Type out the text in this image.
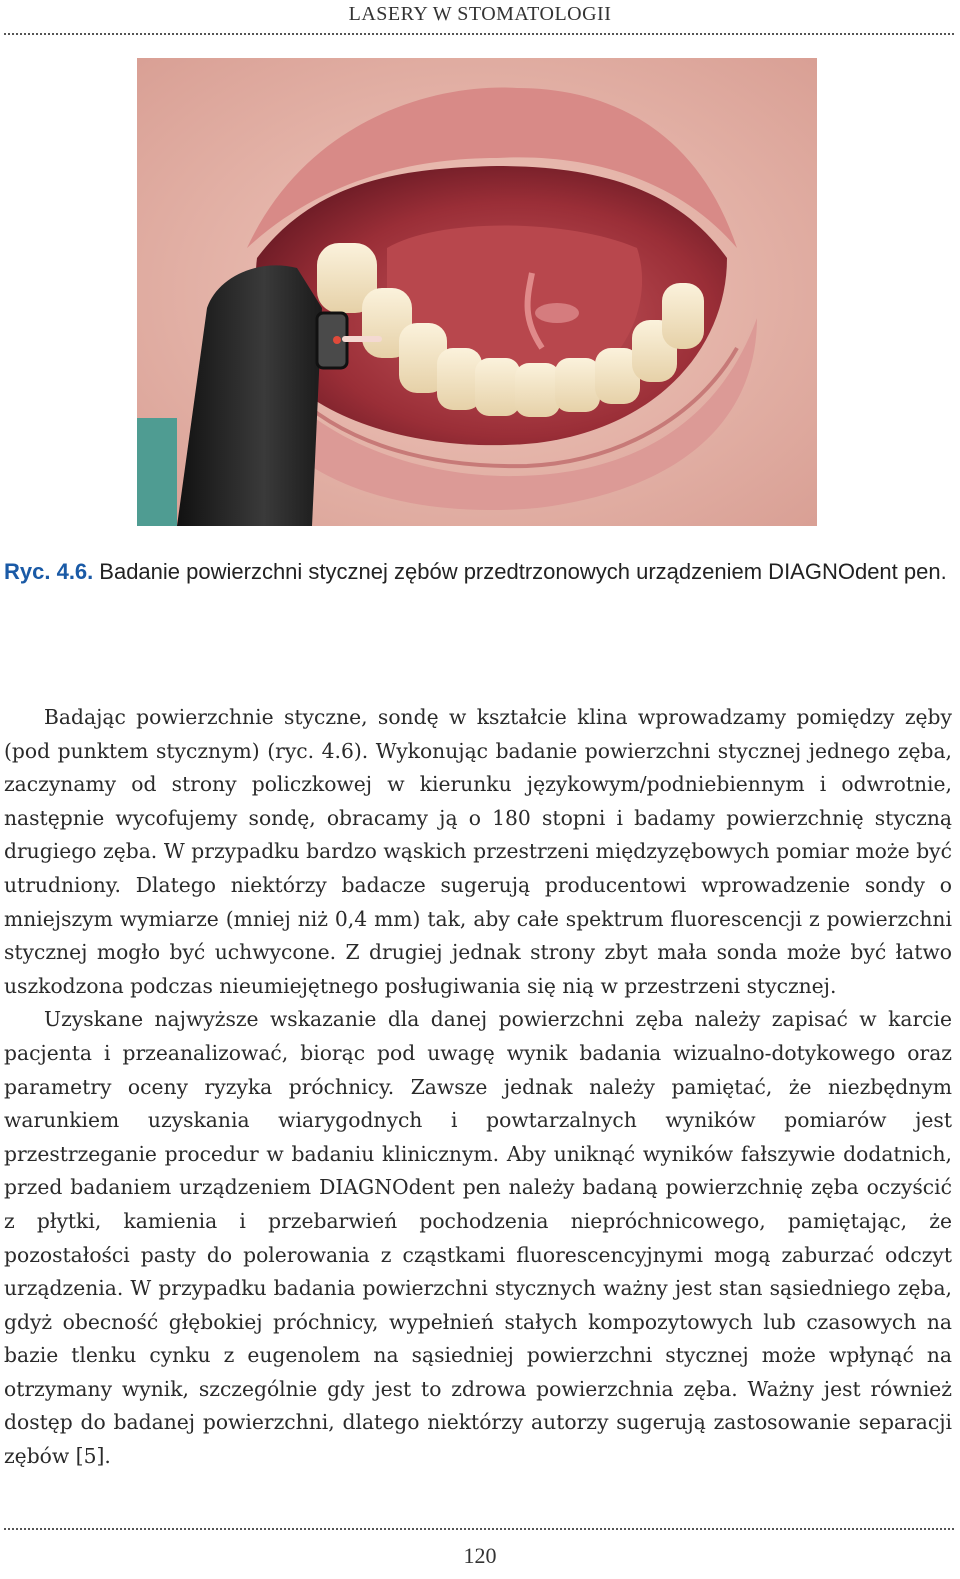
LASERY W STOMATOLOGII
Ryc. 4.6. Badanie powierzchni stycznej zębów przedtrzonowych urządzeniem DIAGNOdent pen.

Badając powierzchnie styczne, sondę w kształcie klina wprowadzamy pomiędzy zęby (pod punktem stycznym) (ryc. 4.6). Wykonując badanie powierzchni stycznej jednego zęba, zaczynamy od strony policzkowej w kierunku językowym/podniebiennym i odwrotnie, następnie wycofujemy sondę, obracamy ją o 180 stopni i badamy powierzchnię styczną drugiego zęba. W przypadku bardzo wąskich przestrzeni międzyzębowych pomiar może być utrudniony. Dlatego niektórzy badacze sugerują producentowi wprowadzenie sondy o mniejszym wymiarze (mniej niż 0,4 mm) tak, aby całe spektrum fluorescencji z powierzchni stycznej mogło być uchwycone. Z drugiej jednak strony zbyt mała sonda może być łatwo uszkodzona podczas nieumiejętnego posługiwania się nią w przestrzeni stycznej.

Uzyskane najwyższe wskazanie dla danej powierzchni zęba należy zapisać w karcie pacjenta i przeanalizować, biorąc pod uwagę wynik badania wizualno-dotykowego oraz parametry oceny ryzyka próchnicy. Zawsze jednak należy pamiętać, że niezbędnym warunkiem uzyskania wiarygodnych i powtarzalnych wyników pomiarów jest przestrzeganie procedur w badaniu klinicznym. Aby uniknąć wyników fałszywie dodatnich, przed badaniem urządzeniem DIAGNOdent pen należy badaną powierzchnię zęba oczyścić z płytki, kamienia i przebarwień pochodzenia niepróchnicowego, pamiętając, że pozostałości pasty do polerowania z cząstkami fluorescencyjnymi mogą zaburzać odczyt urządzenia. W przypadku badania powierzchni stycznych ważny jest stan sąsiedniego zęba, gdyż obecność głębokiej próchnicy, wypełnień stałych kompozytowych lub czasowych na bazie tlenku cynku z eugenolem na sąsiedniej powierzchni stycznej może wpłynąć na otrzymany wynik, szczególnie gdy jest to zdrowa powierzchnia zęba. Ważny jest również dostęp do badanej powierzchni, dlatego niektórzy autorzy sugerują zastosowanie separacji zębów [5].

120
